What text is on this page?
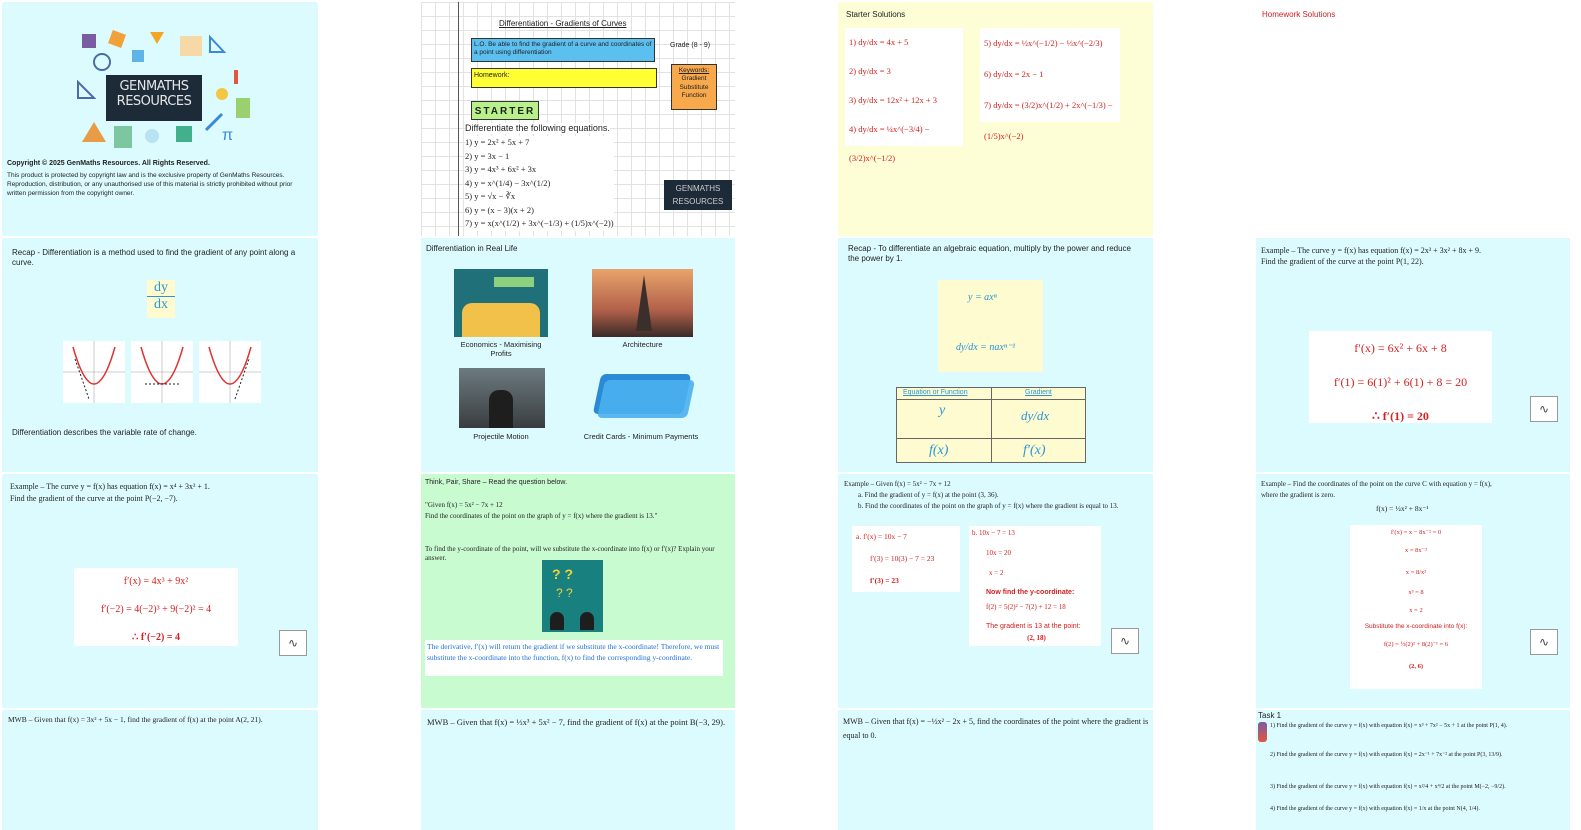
π
GENMATHS
RESOURCES
Copyright © 2025 GenMaths Resources. All Rights Reserved.
This product is protected by copyright law and is the exclusive property of GenMaths Resources. Reproduction, distribution, or any unauthorised use of this material is strictly prohibited without prior written permission from the copyright owner.
Differentiation - Gradients of Curves
L.O. Be able to find the gradient of a curve and coordinates of a point using differentiation
Grade (8 - 9)
Homework:
Keywords:
Gradient
Substitute
Function
STARTER
Differentiate the following equations.
1) y = 2x² + 5x + 7
2) y = 3x − 1
3) y = 4x³ + 6x² + 3x
4) y = x^(1/4) − 3x^(1/2)
5) y = √x − ∛x
6) y = (x − 3)(x + 2)
7) y = x(x^(1/2) + 3x^(−1/3) + (1/5)x^(−2))
GENMATHS
RESOURCES
Starter Solutions
1) dy/dx = 4x + 5
2) dy/dx = 3
3) dy/dx = 12x² + 12x + 3
4) dy/dx = ¼x^(−3/4) − (3/2)x^(−1/2)
5) dy/dx = ½x^(−1/2) − ⅓x^(−2/3)
6) dy/dx = 2x − 1
7) dy/dx = (3/2)x^(1/2) + 2x^(−1/3) − (1/5)x^(−2)
Homework Solutions
Recap - Differentiation is a method used to find the gradient of any point along a curve.
dy
dx
Differentiation describes the variable rate of change.
Differentiation in Real Life
Economics - Maximising Profits
Architecture
Projectile Motion	Credit Cards - Minimum Payments
Recap - To differentiate an algebraic equation, multiply by the power and reduce the power by 1.
y = axⁿ
dy/dx = naxⁿ⁻¹
Equation or Function	Gradient
y	dy/dx
f(x)	f′(x)
Example – The curve y = f(x) has equation f(x) = 2x³ + 3x² + 8x + 9.
Find the gradient of the curve at the point P(1, 22).
f′(x) = 6x² + 6x + 8
f′(1) = 6(1)² + 6(1) + 8 = 20
∴ f′(1) = 20	∿
Example – The curve y = f(x) has equation f(x) = x⁴ + 3x³ + 1.
Find the gradient of the curve at the point P(−2, −7).
f′(x) = 4x³ + 9x²
f′(−2) = 4(−2)³ + 9(−2)² = 4
∴ f′(−2) = 4	∿
Think, Pair, Share – Read the question below.
"Given f(x) = 5x² − 7x + 12
Find the coordinates of the point on the graph of y = f(x) where the gradient is 13."
To find the y-coordinate of the point, will we substitute the x-coordinate into f(x) or f′(x)? Explain your answer.
? ?
? ?
The derivative, f′(x) will return the gradient if we substitute the x-coordinate! Therefore, we must substitute the x-coordinate into the function, f(x) to find the corresponding y-coordinate.
Example – Given f(x) = 5x² − 7x + 12
a. Find the gradient of y = f(x) at the point (3, 36).
b. Find the coordinates of the point on the graph of y = f(x) where the gradient is equal to 13.
a. f′(x) = 10x − 7
f′(3) = 10(3) − 7 = 23
f′(3) = 23
b. 10x − 7 = 13
10x = 20
x = 2
Now find the y-coordinate:
f(2) = 5(2)² − 7(2) + 12 = 18
The gradient is 13 at the point:
(2, 18)	∿
Example – Find the coordinates of the point on the curve C with equation y = f(x),
where the gradient is zero.
f(x) = ½x² + 8x⁻¹
f′(x) = x − 8x⁻² = 0
x = 8x⁻²
x = 8/x²
x³ = 8
x = 2
Substitute the x-coordinate into f(x):
f(2) = ½(2)² + 8(2)⁻¹ = 6
(2, 6)
∿
MWB – Given that f(x) = 3x² + 5x − 1, find the gradient of f(x) at the point A(2, 21).	MWB – Given that f(x) = ⅓x³ + 5x² − 7, find the gradient of f(x) at the point B(−3, 29).	MWB – Given that f(x) = −½x² − 2x + 5, find the coordinates of the point where the gradient is equal to 0.
Task 1
1) Find the gradient of the curve y = f(x) with equation f(x) = x³ + 7x² − 5x + 1 at the point P(1, 4).
2) Find the gradient of the curve y = f(x) with equation f(x) = 2x⁻¹ + 7x⁻² at the point P(3, 13/9).
3) Find the gradient of the curve y = f(x) with equation f(x) = x²/4 + x⁴/2 at the point M(−2, −9/2).
4) Find the gradient of the curve y = f(x) with equation f(x) = 1/x at the point N(4, 1/4).
